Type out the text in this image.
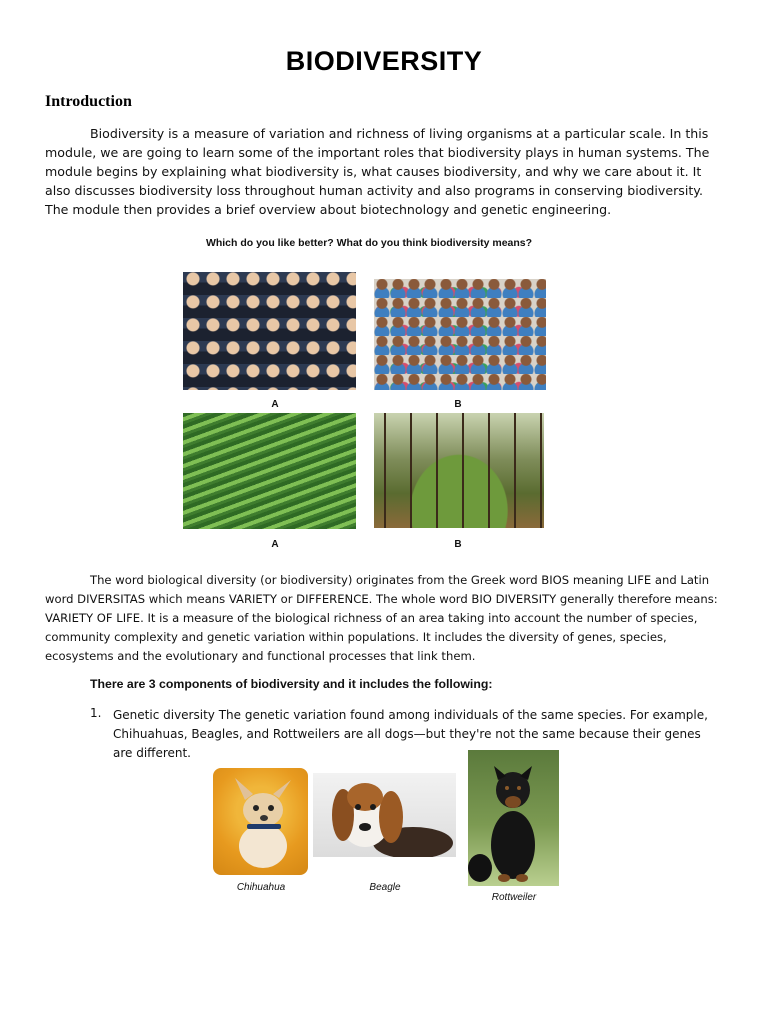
BIODIVERSITY
Introduction
Biodiversity is a measure of variation and richness of living organisms at a particular scale. In this module, we are going to learn some of the important roles that biodiversity plays in human systems. The module begins by explaining what biodiversity is, what causes biodiversity, and why we care about it. It also discusses biodiversity loss throughout human activity and also programs in conserving biodiversity. The module then provides a brief overview about biotechnology and genetic engineering.
Which do you like better? What do you think biodiversity means?
A	B
A	B
The word biological diversity (or biodiversity) originates from the Greek word BIOS meaning LIFE and Latin word DIVERSITAS which means VARIETY or DIFFERENCE. The whole word BIO DIVERSITY generally therefore means: VARIETY OF LIFE. It is a measure of the biological richness of an area taking into account the number of species, community complexity and genetic variation within populations. It includes the diversity of genes, species, ecosystems and the evolutionary and functional processes that link them.
There are 3 components of biodiversity and it includes the following:
1. Genetic diversity The genetic variation found among individuals of the same species. For example, Chihuahuas, Beagles, and Rottweilers are all dogs—but they're not the same because their genes are different.
Chihuahua	Beagle
Rottweiler
